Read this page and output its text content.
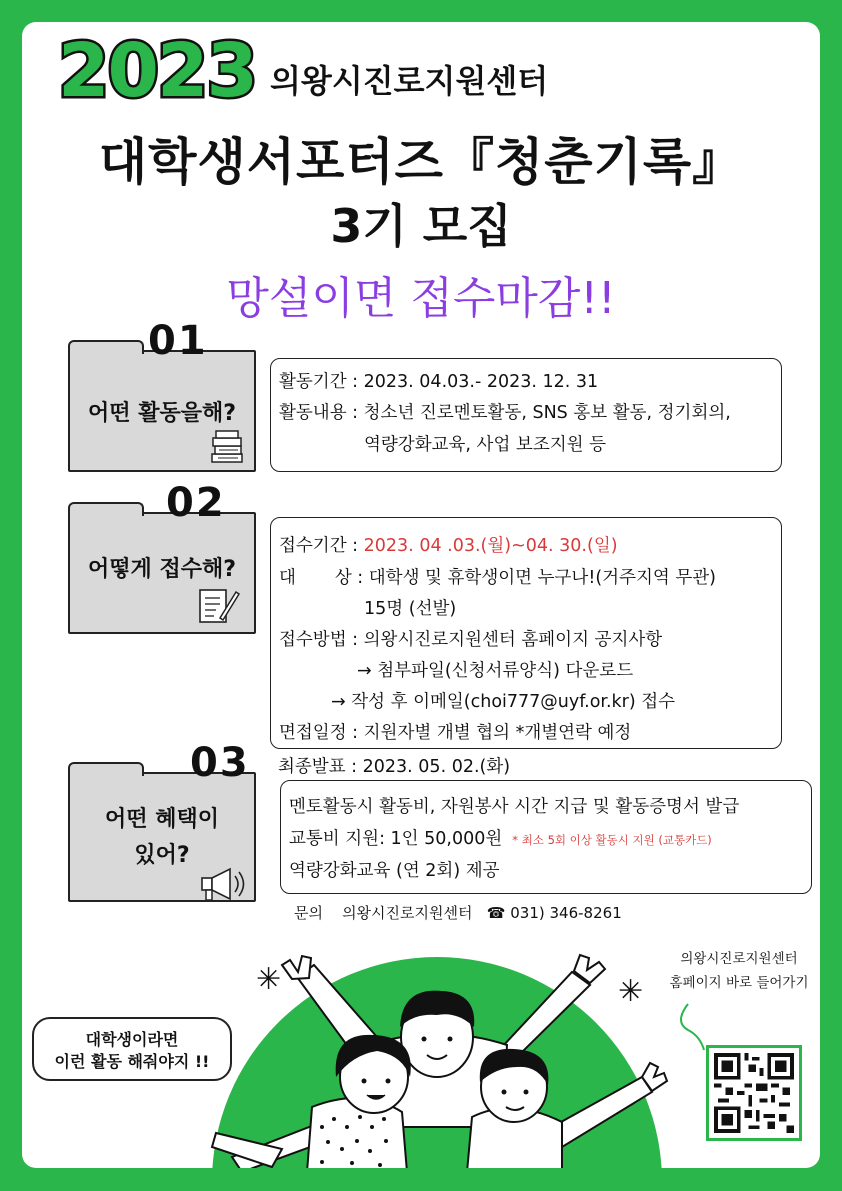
2023 의왕시진로지원센터
대학생서포터즈『청춘기록』
3기 모집
망설이면 접수마감!!
01
어떤 활동을해?
활동기간 : 2023. 04.03.- 2023. 12. 31
활동내용 : 청소년 진로멘토활동, SNS 홍보 활동, 정기회의,
역량강화교육, 사업 보조지원 등
02
어떻게 접수해?
접수기간 : 2023. 04 .03.(월)~04. 30.(일)
대       상 : 대학생 및 휴학생이면 누구나!(거주지역 무관)
15명 (선발)
접수방법 : 의왕시진로지원센터 홈페이지 공지사항
→ 첨부파일(신청서류양식) 다운로드
→ 작성 후 이메일(choi777@uyf.or.kr) 접수
면접일정 : 지원자별 개별 협의 *개별연락 예정
최종발표 : 2023. 05. 02.(화)
03
어떤 혜택이
있어?
멘토활동시 활동비, 자원봉사 시간 지급 및 활동증명서 발급
교통비 지원: 1인 50,000원 * 최소 5회 이상 활동시 지원 (교통카드)
역량강화교육 (연 2회) 제공
문의 의왕시진로지원센터 ☎ 031) 346-8261
✳	✳
대학생이라면
이런 활동 해줘야지 !!
의왕시진로지원센터
홈페이지 바로 들어가기
